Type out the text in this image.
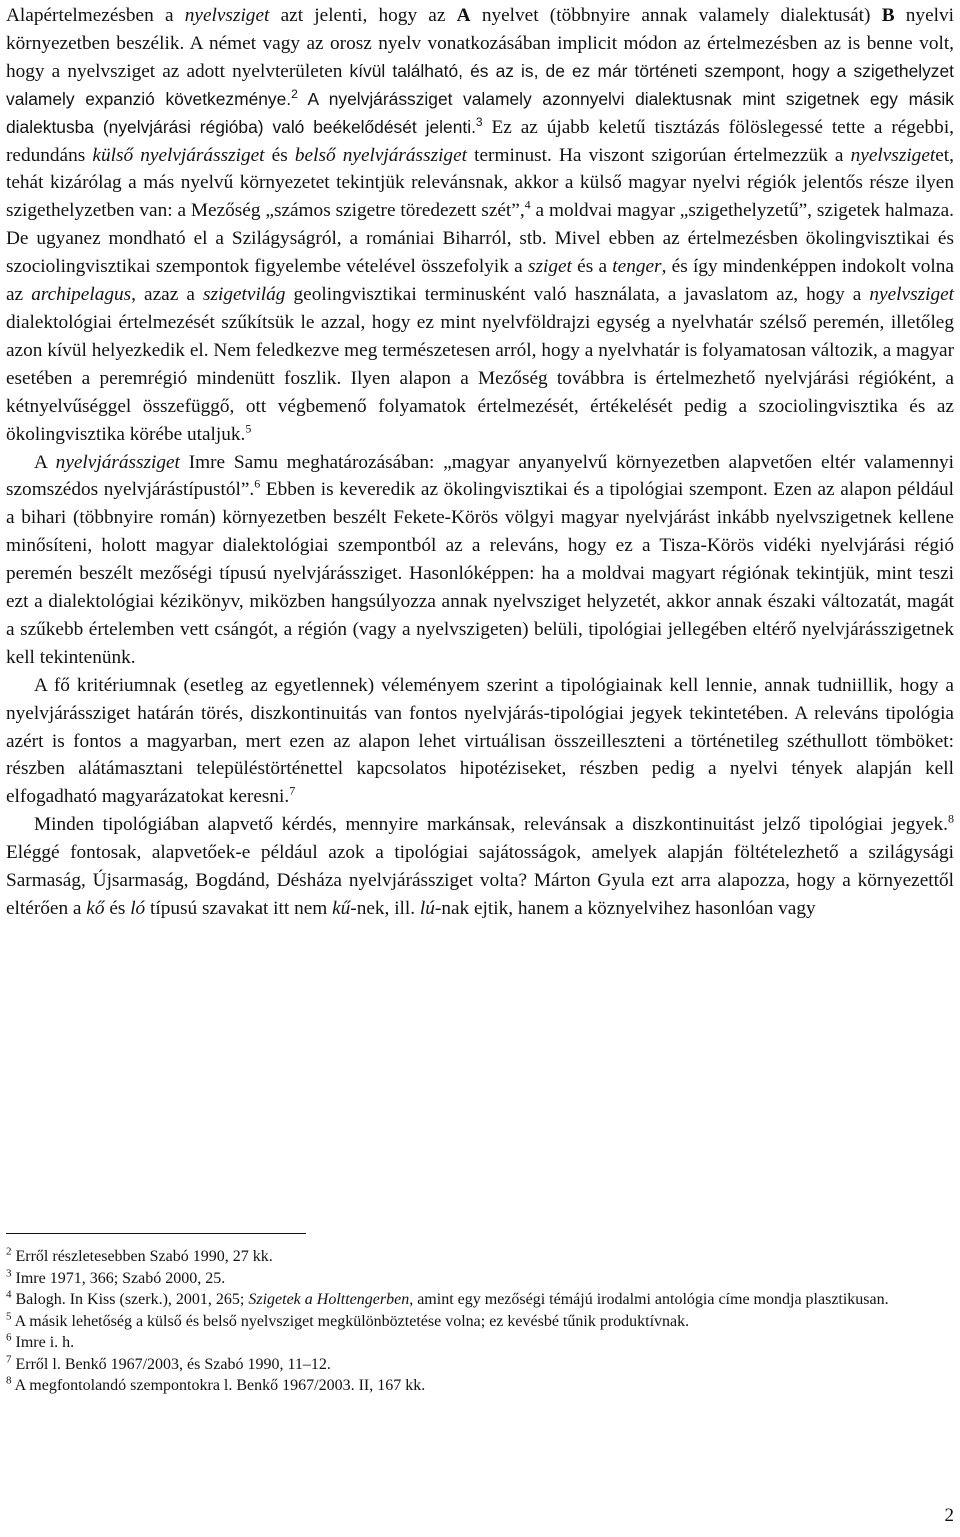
Alapértelmezésben a nyelvsziget azt jelenti, hogy az A nyelvet (többnyire annak valamely dialektusát) B nyelvi környezetben beszélik. A német vagy az orosz nyelv vonatkozásában implicit módon az értelmezésben az is benne volt, hogy a nyelvsziget az adott nyelvterületen kívül található, és az is, de ez már történeti szempont, hogy a szigethelyzet valamely expanzió következménye.$^2$ A nyelvjárássziget valamely azonnyelvi dialektusnak mint szigetnek egy másik dialektusba (nyelvjárási régióba) való beékelődését jelenti.$^3$ Ez az újabb keletű tisztázás fölöslegessé tette a régebbi, redundáns külső nyelvjárássziget és belső nyelvjárássziget terminust. Ha viszont szigorúan értelmezzük a nyelvszigetet, tehát kizárólag a más nyelvű környezetet tekintjük relevánsnak, akkor a külső magyar nyelvi régiók jelentős része ilyen szigethelyzetben van: a Mezőség „számos szigetre töredezett szét”,$^4$ a moldvai magyar „szigethelyzetű”, szigetek halmaza. De ugyanez mondható el a Szilágyságról, a romániai Biharról, stb. Mivel ebben az értelmezésben ökolingvisztikai és szociolingvisztikai szempontok figyelembe vételével összefolyik a sziget és a tenger, és így mindenképpen indokolt volna az archipelagus, azaz a szigetvilág geolingvisztikai terminusként való használata, a javaslatom az, hogy a nyelvsziget dialektológiai értelmezését szűkítsük le azzal, hogy ez mint nyelvföldrajzi egység a nyelvhatár szélső peremén, illetőleg azon kívül helyezkedik el. Nem feledkezve meg természetesen arról, hogy a nyelvhatár is folyamatosan változik, a magyar esetében a peremrégió mindenütt foszlik. Ilyen alapon a Mezőség továbbra is értelmezhető nyelvjárási régióként, a kétnyelvűséggel összefüggő, ott végbemenő folyamatok értelmezését, értékelését pedig a szociolingvisztika és az ökolingvisztika körébe utaljuk.$^5$
A nyelvjárássziget Imre Samu meghatározásában: „magyar anyanyelvű környezetben alapvetően eltér valamennyi szomszédos nyelvjárástípustól”.$^6$ Ebben is keveredik az ökolingvisztikai és a tipológiai szempont. Ezen az alapon például a bihari (többnyire román) környezetben beszélt Fekete-Körös völgyi magyar nyelvjárást inkább nyelvszigetnek kellene minősíteni, holott magyar dialektológiai szempontból az a releváns, hogy ez a Tisza-Körös vidéki nyelvjárási régió peremén beszélt mezőségi típusú nyelvjárássziget. Hasonlóképpen: ha a moldvai magyart régiónak tekintjük, mint teszi ezt a dialektológiai kézikönyv, miközben hangsúlyozza annak nyelvsziget helyzetét, akkor annak északi változatát, magát a szűkebb értelemben vett csángót, a régión (vagy a nyelvszigeten) belüli, tipológiai jellegében eltérő nyelvjárásszigetnek kell tekintenünk.
A fő kritériumnak (esetleg az egyetlennek) véleményem szerint a tipológiainak kell lennie, annak tudniillik, hogy a nyelvjárássziget határán törés, diszkontinuitás van fontos nyelvjárás-tipológiai jegyek tekintetében. A releváns tipológia azért is fontos a magyarban, mert ezen az alapon lehet virtuálisan összeilleszteni a történetileg széthullott tömböket: részben alátámasztani településtörténettel kapcsolatos hipotéziseket, részben pedig a nyelvi tények alapján kell elfogadható magyarázatokat keresni.$^7$
Minden tipológiában alapvető kérdés, mennyire markánsak, relevánsak a diszkontinuitást jelző tipológiai jegyek.$^8$ Eléggé fontosak, alapvetőek-e például azok a tipológiai sajátosságok, amelyek alapján föltételezhető a szilágysági Sarmaság, Újsarmaság, Bogdánd, Désháza nyelvjárássziget volta? Márton Gyula ezt arra alapozza, hogy a környezettől eltérően a kő és ló típusú szavakat itt nem kű-nek, ill. lú-nak ejtik, hanem a köznyelvihez hasonlóan vagy

$^2$ Erről részletesebben Szabó 1990, 27 kk.

$^3$ Imre 1971, 366; Szabó 2000, 25.

$^4$ Balogh. In Kiss (szerk.), 2001, 265; Szigetek a Holttengerben, amint egy mezőségi témájú irodalmi antológia címe mondja plasztikusan.

$^5$ A másik lehetőség a külső és belső nyelvsziget megkülönböztetése volna; ez kevésbé tűnik produktívnak.

$^6$ Imre i. h.

$^7$ Erről l. Benkő 1967/2003, és Szabó 1990, 11–12.

$^8$ A megfontolandó szempontokra l. Benkő 1967/2003. II, 167 kk.

2
